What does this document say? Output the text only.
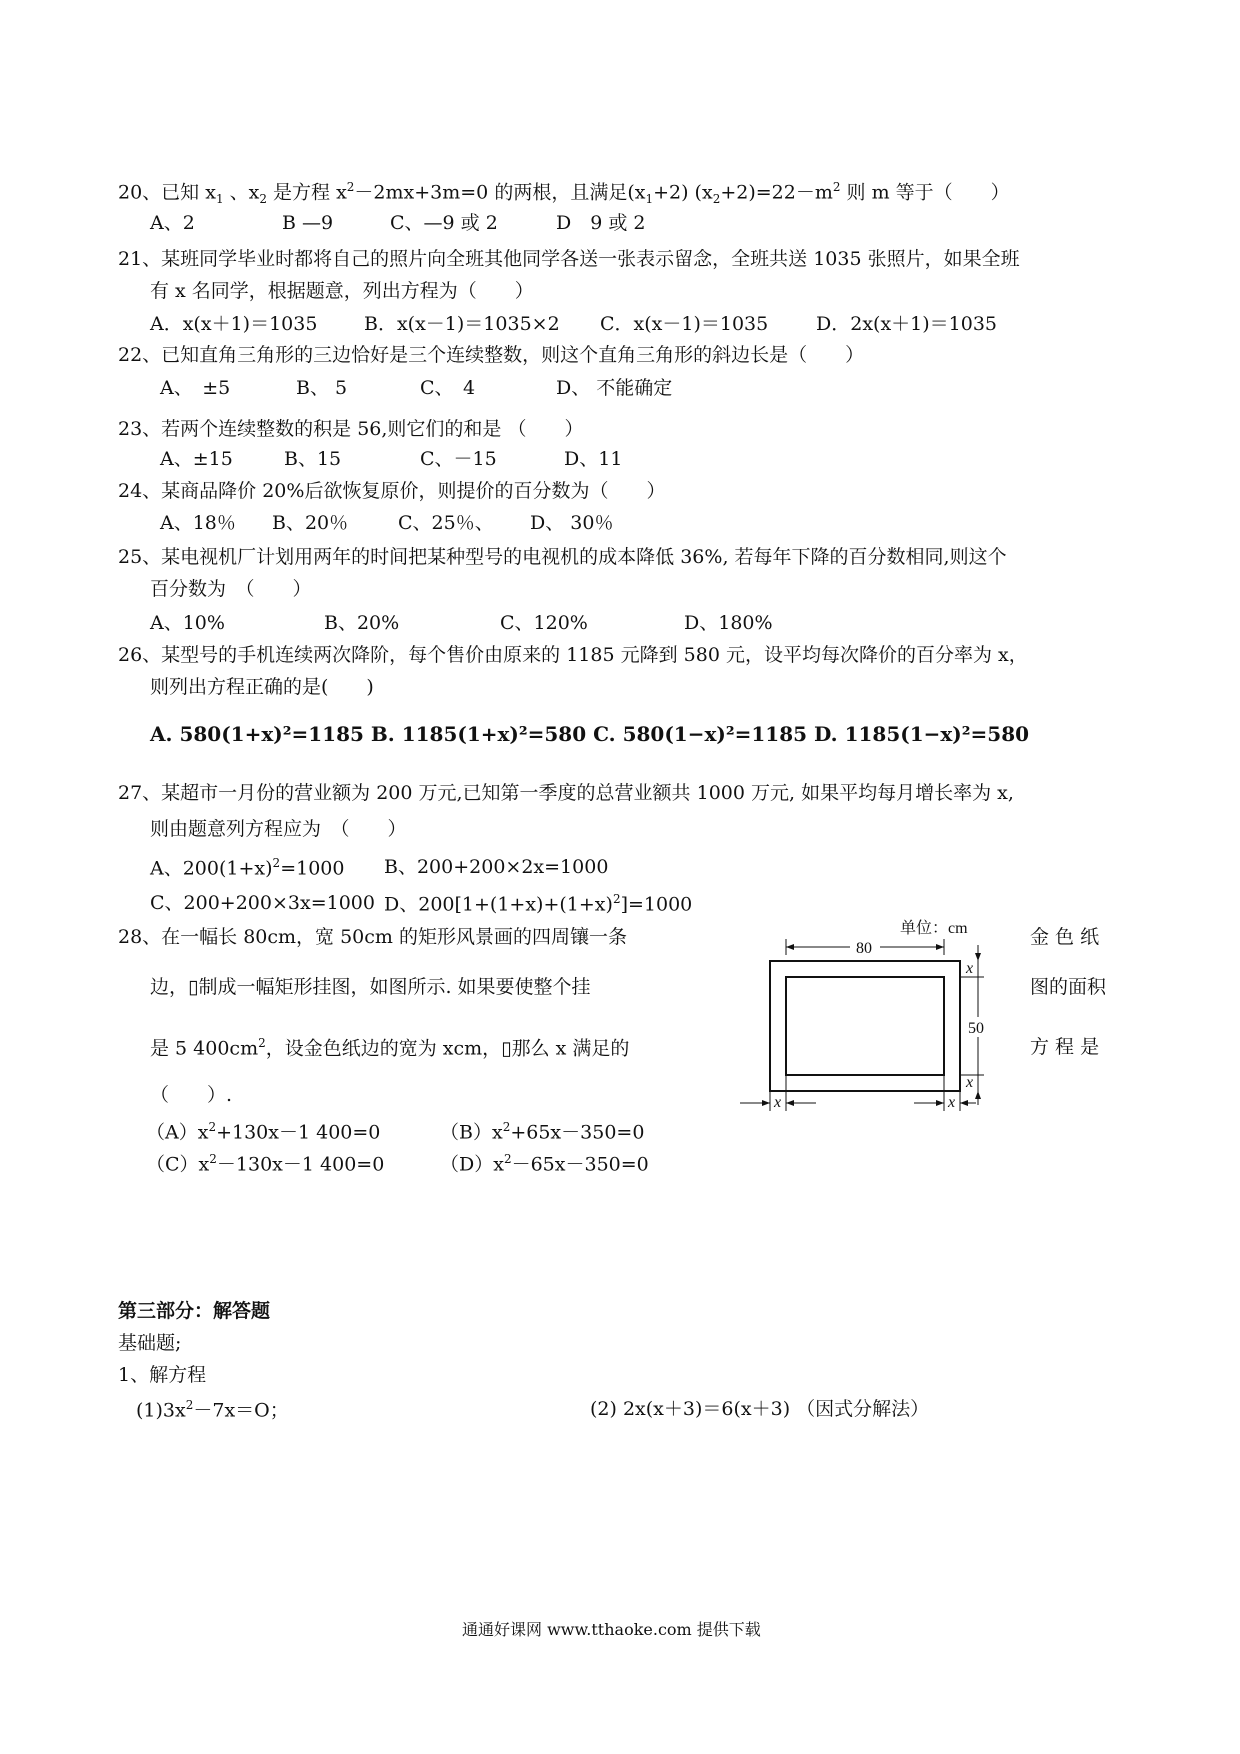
20、已知 $x_1$ 、$x_2$ 是方程 $x^2-2mx+3m=0$ 的两根，且满足$(x_1+2)$ $(x_2+2)=22-m^2$ 则 m 等于（　　）
A、2	B —9	C、—9 或 2	D　9 或 2
21、某班同学毕业时都将自己的照片向全班其他同学各送一张表示留念，全班共送 1035 张照片，如果全班
有 x 名同学，根据题意，列出方程为（　　）
A．x(x＋1)＝1035 B．x(x－1)＝1035×2 C．x(x－1)＝1035	D．2x(x＋1)＝1035
22、已知直角三角形的三边恰好是三个连续整数，则这个直角三角形的斜边长是（　　）
A、　±5	B、 5	C、　4	D、 不能确定
23、若两个连续整数的积是 56,则它们的和是 （　　）
A、±15	B、15	C、－15	D、11
24、某商品降价 20%后欲恢复原价，则提价的百分数为（　　）
A、18％ B、20％	C、25％、 D、 30％
25、某电视机厂计划用两年的时间把某种型号的电视机的成本降低 36%, 若每年下降的百分数相同,则这个
百分数为　（　　）
A、10%	B、20%	C、120%	D、180%
26、某型号的手机连续两次降阶，每个售价由原来的 1185 元降到 580 元，设平均每次降价的百分率为 x，
则列出方程正确的是(　　)
A. 580(1+x)²=1185 B. 1185(1+x)²=580 C. 580(1−x)²=1185 D. 1185(1−x)²=580
27、某超市一月份的营业额为 200 万元,已知第一季度的总营业额共 1000 万元, 如果平均每月增长率为 x,
则由题意列方程应为　（　　）
A、$200(1+x)^2=1000$ B、200+200×2x=1000
C、200+200×3x=1000 D、$200[1+(1+x)+(1+x)^2]=1000$
28、在一幅长 80cm，宽 50cm 的矩形风景画的四周镶一条	金 色 纸
边，▯制成一幅矩形挂图，如图所示. 如果要使整个挂	图的面积
是 5 $400cm^2$，设金色纸边的宽为 xcm，▯那么 x 满足的	方 程 是
（　　）.
$(A)x^2+130x-1$ 400=0	$(B)x^2+65x-350=0$
$(C)x^2-130x-1$ 400=0	$(D)x^2-65x-350=0$
单位：cm
80
50
x
x
x	x
第三部分：解答题
基础题;
1、解方程
$(1)3x^2-7x=O$；	(2) 2x(x＋3)＝6(x＋3) （因式分解法）
通通好课网 www.tthaoke.com 提供下载
